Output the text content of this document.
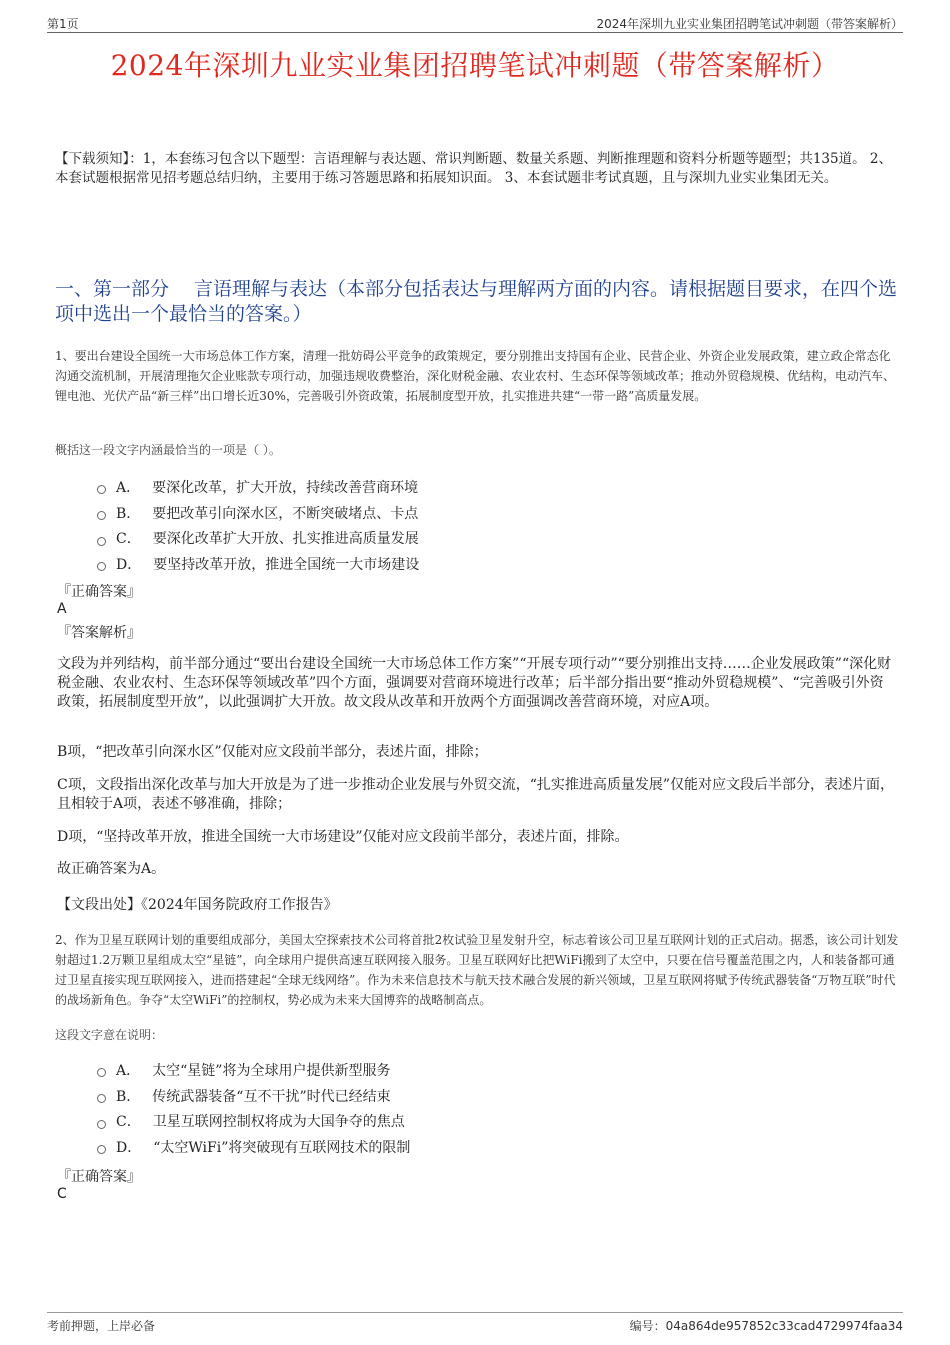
第1页	2024年深圳九业实业集团招聘笔试冲刺题（带答案解析）
2024年深圳九业实业集团招聘笔试冲刺题（带答案解析）
【下载须知】：1，本套练习包含以下题型：言语理解与表达题、常识判断题、数量关系题、判断推理题和资料分析题等题型；共135道。 2、本套试题根据常见招考题总结归纳，主要用于练习答题思路和拓展知识面。 3、本套试题非考试真题，且与深圳九业实业集团无关。
一、第一部分　 言语理解与表达（本部分包括表达与理解两方面的内容。请根据题目要求，在四个选项中选出一个最恰当的答案。）
1、要出台建设全国统一大市场总体工作方案，清理一批妨碍公平竞争的政策规定，要分别推出支持国有企业、民营企业、外资企业发展政策，建立政企常态化沟通交流机制，开展清理拖欠企业账款专项行动，加强违规收费整治，深化财税金融、农业农村、生态环保等领域改革；推动外贸稳规模、优结构，电动汽车、锂电池、光伏产品“新三样”出口增长近30%，完善吸引外资政策，拓展制度型开放，扎实推进共建“一带一路”高质量发展。
概括这一段文字内涵最恰当的一项是（ ）。
A． 要深化改革，扩大开放，持续改善营商环境
B． 要把改革引向深水区，不断突破堵点、卡点
C． 要深化改革扩大开放、扎实推进高质量发展
D． 要坚持改革开放，推进全国统一大市场建设
『正确答案』
A
『答案解析』
文段为并列结构，前半部分通过“要出台建设全国统一大市场总体工作方案”“开展专项行动”“要分别推出支持……企业发展政策”“深化财税金融、农业农村、生态环保等领域改革”四个方面，强调要对营商环境进行改革；后半部分指出要“推动外贸稳规模”、“完善吸引外资政策，拓展制度型开放”，以此强调扩大开放。故文段从改革和开放两个方面强调改善营商环境，对应A项。
B项，“把改革引向深水区”仅能对应文段前半部分，表述片面，排除；
C项，文段指出深化改革与加大开放是为了进一步推动企业发展与外贸交流，“扎实推进高质量发展”仅能对应文段后半部分，表述片面，且相较于A项，表述不够准确，排除；
D项，“坚持改革开放，推进全国统一大市场建设”仅能对应文段前半部分，表述片面，排除。
故正确答案为A。
【文段出处】《2024年国务院政府工作报告》
2、作为卫星互联网计划的重要组成部分，美国太空探索技术公司将首批2枚试验卫星发射升空，标志着该公司卫星互联网计划的正式启动。据悉，该公司计划发射超过1.2万颗卫星组成太空“星链”，向全球用户提供高速互联网接入服务。卫星互联网好比把WiFi搬到了太空中，只要在信号覆盖范围之内，人和装备都可通过卫星直接实现互联网接入，进而搭建起“全球无线网络”。作为未来信息技术与航天技术融合发展的新兴领域，卫星互联网将赋予传统武器装备“万物互联”时代的战场新角色。争夺“太空WiFi”的控制权，势必成为未来大国博弈的战略制高点。
这段文字意在说明：
A． 太空“星链”将为全球用户提供新型服务
B． 传统武器装备“互不干扰”时代已经结束
C． 卫星互联网控制权将成为大国争夺的焦点
D． “太空WiFi”将突破现有互联网技术的限制
『正确答案』
C
考前押题，上岸必备	编号：04a864de957852c33cad4729974faa34
